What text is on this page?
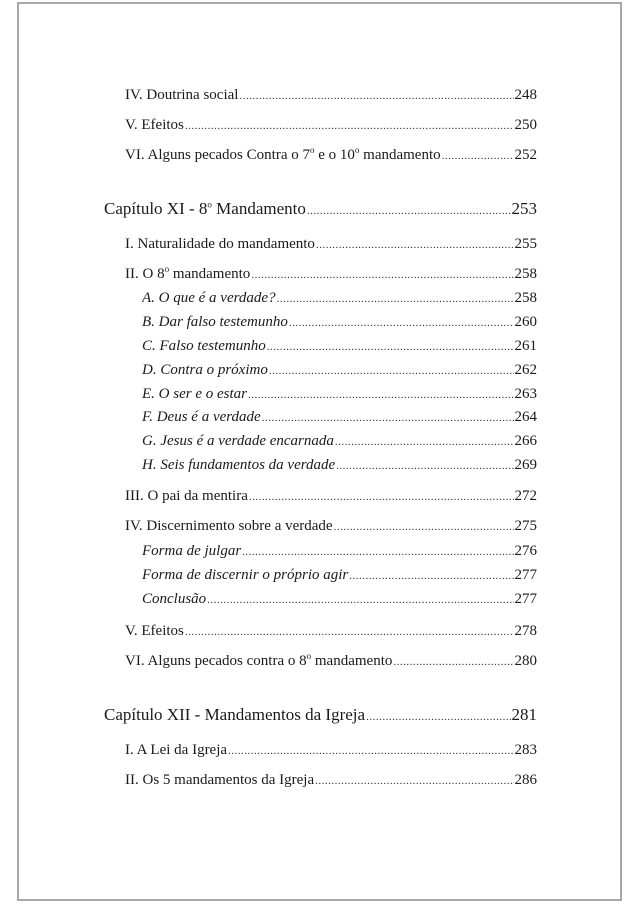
IV. Doutrina social .....	248
V. Efeitos .....	250
VI. Alguns pecados Contra o 7$^o$ e o 10$^o$ mandamento .....	252
Capítulo XI - 8$^o$ Mandamento .....	253
I. Naturalidade do mandamento .....	255
II. O 8$^o$ mandamento .....	258
A. O que é a verdade? .....	258
B. Dar falso testemunho .....	260
C. Falso testemunho .....	261
D. Contra o próximo .....	262
E. O ser e o estar .....	263
F. Deus é a verdade .....	264
G. Jesus é a verdade encarnada .....	266
H. Seis fundamentos da verdade .....	269
III. O pai da mentira .....	272
IV. Discernimento sobre a verdade .....	275
Forma de julgar .....	276
Forma de discernir o próprio agir .....	277
Conclusão .....	277
V. Efeitos .....	278
VI. Alguns pecados contra o 8$^o$ mandamento .....	280
Capítulo XII - Mandamentos da Igreja .....	281
I. A Lei da Igreja .....	283
II. Os 5 mandamentos da Igreja .....	286
